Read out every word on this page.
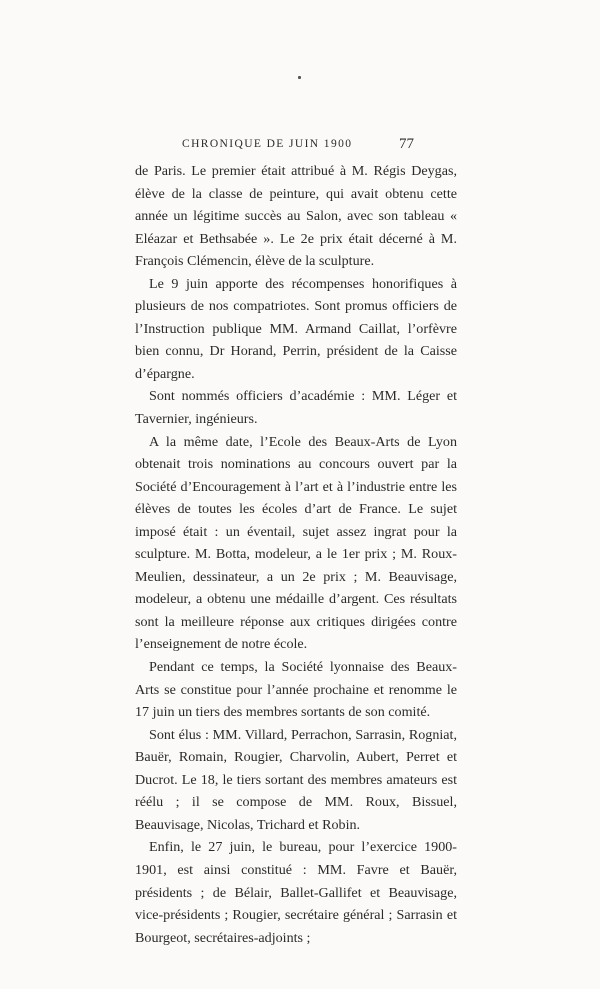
CHRONIQUE DE JUIN 1900	77

de Paris. Le premier était attribué à M. Régis Deygas, élève de la classe de peinture, qui avait obtenu cette année un légitime succès au Salon, avec son tableau « Eléazar et Bethsabée ». Le 2e prix était décerné à M. François Clémencin, élève de la sculpture.

Le 9 juin apporte des récompenses honorifiques à plusieurs de nos compatriotes. Sont promus officiers de l’Instruction publique MM. Armand Caillat, l’orfèvre bien connu, Dr Horand, Perrin, président de la Caisse d’épargne.

Sont nommés officiers d’académie : MM. Léger et Tavernier, ingénieurs.

A la même date, l’Ecole des Beaux-Arts de Lyon obtenait trois nominations au concours ouvert par la Société d’Encouragement à l’art et à l’industrie entre les élèves de toutes les écoles d’art de France. Le sujet imposé était : un éventail, sujet assez ingrat pour la sculpture. M. Botta, modeleur, a le 1er prix ; M. Roux-Meulien, dessinateur, a un 2e prix ; M. Beauvisage, modeleur, a obtenu une médaille d’argent. Ces résultats sont la meilleure réponse aux critiques dirigées contre l’enseignement de notre école.

Pendant ce temps, la Société lyonnaise des Beaux-Arts se constitue pour l’année prochaine et renomme le 17 juin un tiers des membres sortants de son comité.

Sont élus : MM. Villard, Perrachon, Sarrasin, Rogniat, Bauër, Romain, Rougier, Charvolin, Aubert, Perret et Ducrot. Le 18, le tiers sortant des membres amateurs est réélu ; il se compose de MM. Roux, Bissuel, Beauvisage, Nicolas, Trichard et Robin.

Enfin, le 27 juin, le bureau, pour l’exercice 1900-1901, est ainsi constitué : MM. Favre et Bauër, présidents ; de Bélair, Ballet-Gallifet et Beauvisage, vice-présidents ; Rougier, secrétaire général ; Sarrasin et Bourgeot, secrétaires-adjoints ;
